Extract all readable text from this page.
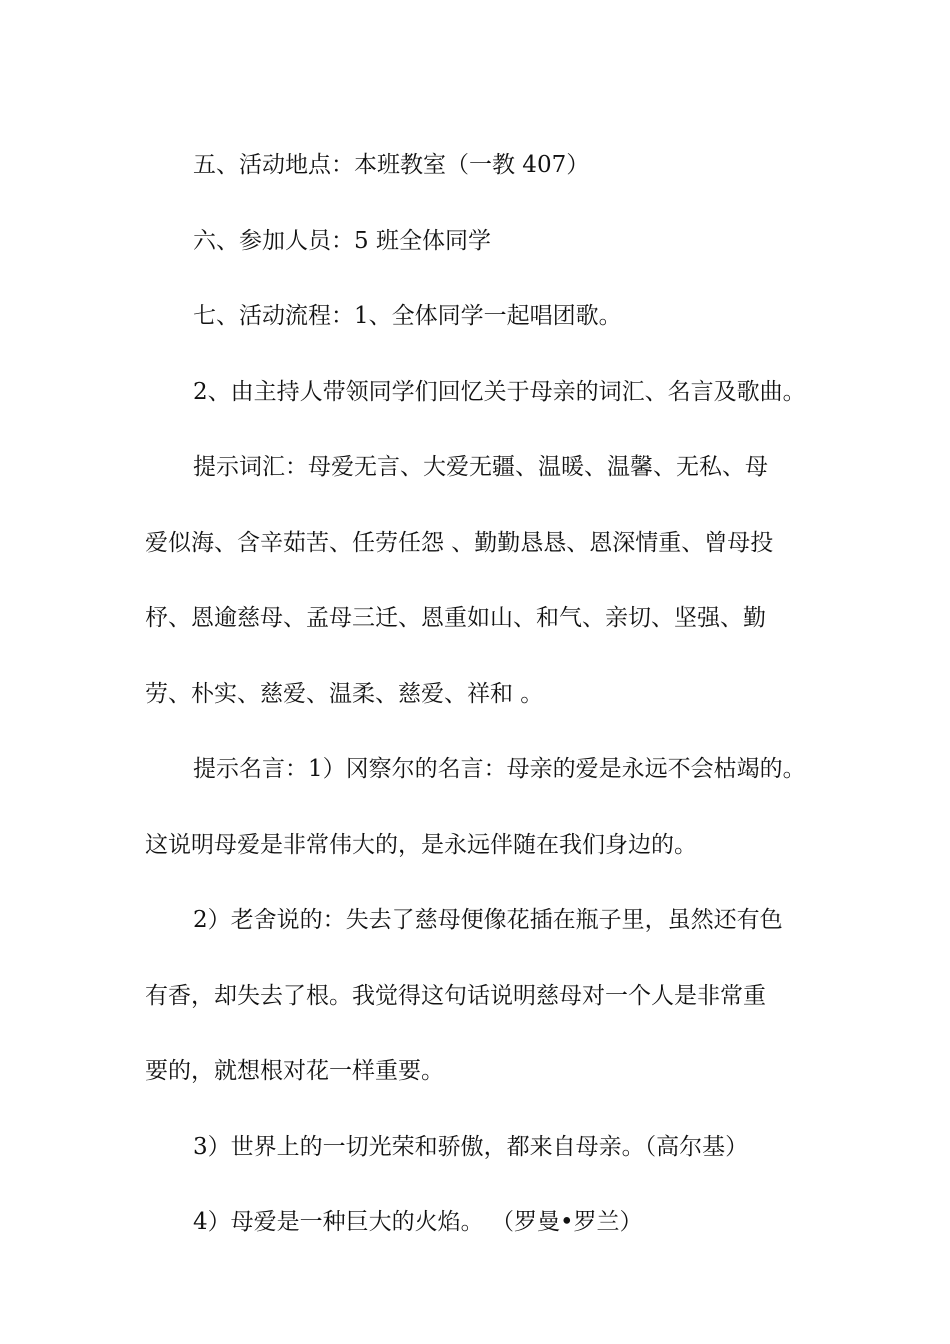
五、活动地点：本班教室（一教 407）
六、参加人员：5 班全体同学
七、活动流程：1、全体同学一起唱团歌。
2、由主持人带领同学们回忆关于母亲的词汇、名言及歌曲。
提示词汇：母爱无言、大爱无疆、温暖、温馨、无私、母
爱似海、含辛茹苦、任劳任怨 、勤勤恳恳、恩深情重、曾母投
杼、恩逾慈母、孟母三迁、恩重如山、和气、亲切、坚强、勤
劳、朴实、慈爱、温柔、慈爱、祥和 。
提示名言：1）冈察尔的名言：母亲的爱是永远不会枯竭的。
这说明母爱是非常伟大的，是永远伴随在我们身边的。
2）老舍说的：失去了慈母便像花插在瓶子里，虽然还有色
有香，却失去了根。我觉得这句话说明慈母对一个人是非常重
要的，就想根对花一样重要。
3）世界上的一切光荣和骄傲，都来自母亲。（高尔基）
4）母爱是一种巨大的火焰。 （罗曼•罗兰）
